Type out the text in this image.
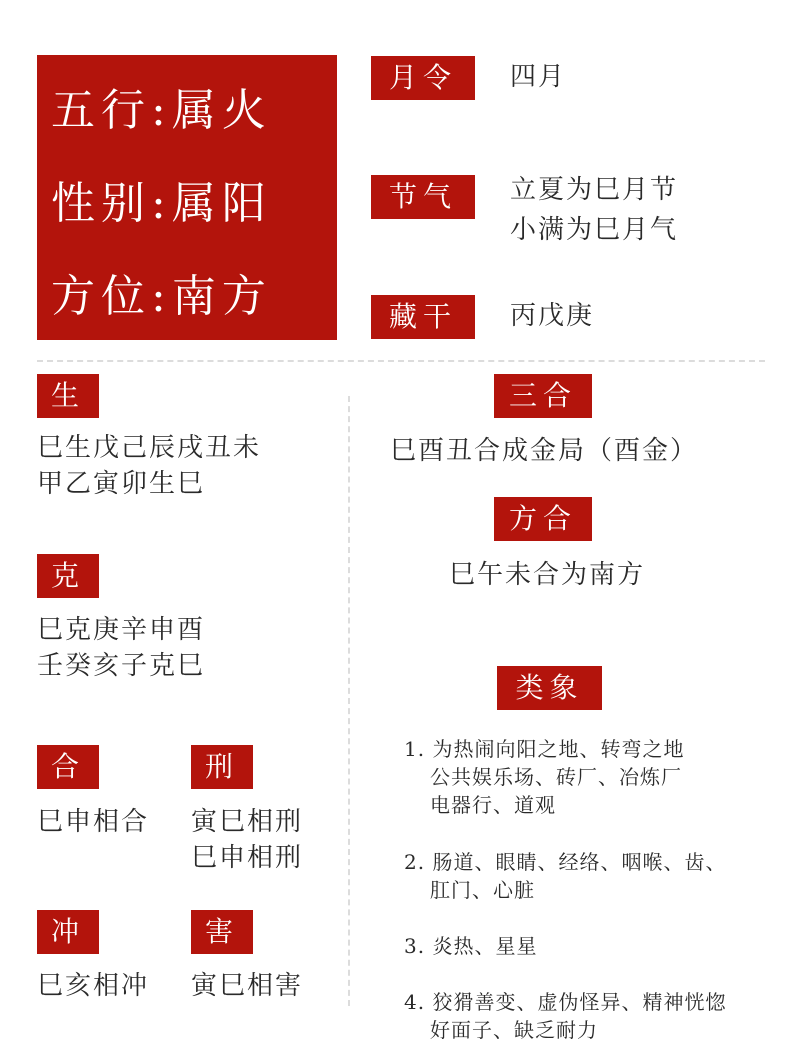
五行:属火
性别:属阳
方位:南方
月令	四月
节气	立夏为巳月节
小满为巳月气
藏干	丙戊庚
生
巳生戊己辰戌丑未
甲乙寅卯生巳
克
巳克庚辛申酉
壬癸亥子克巳
合
巳申相合
刑
寅巳相刑
巳申相刑
冲
巳亥相冲
害
寅巳相害
三合
巳酉丑合成金局（酉金）
方合
巳午未合为南方
类象
1. 为热闹向阳之地、转弯之地
公共娱乐场、砖厂、冶炼厂
电器行、道观
2. 肠道、眼睛、经络、咽喉、齿、
肛门、心脏
3. 炎热、星星
4. 狡猾善变、虚伪怪异、精神恍惚
好面子、缺乏耐力
